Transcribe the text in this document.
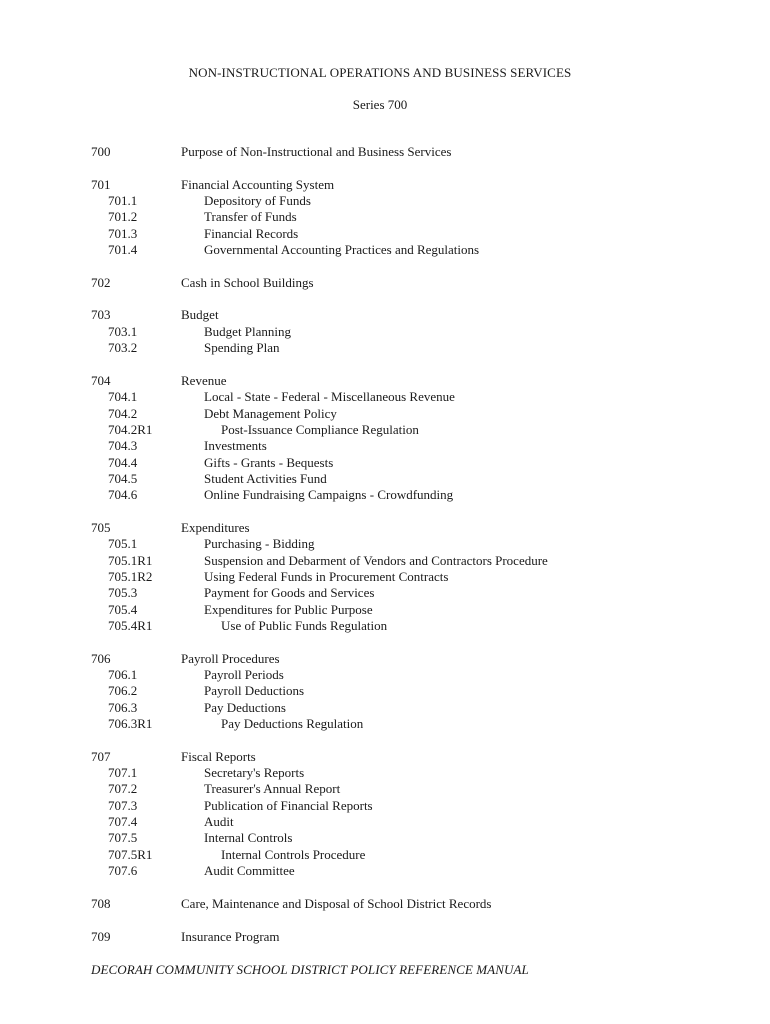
NON-INSTRUCTIONAL OPERATIONS AND BUSINESS SERVICES
Series 700
700	Purpose of Non-Instructional and Business Services
701	Financial Accounting System
701.1	Depository of Funds
701.2	Transfer of Funds
701.3	Financial Records
701.4	Governmental Accounting Practices and Regulations
702	Cash in School Buildings
703	Budget
703.1	Budget Planning
703.2	Spending Plan
704	Revenue
704.1	Local - State - Federal - Miscellaneous Revenue
704.2	Debt Management Policy
704.2R1	Post-Issuance Compliance Regulation
704.3	Investments
704.4	Gifts - Grants - Bequests
704.5	Student Activities Fund
704.6	Online Fundraising Campaigns - Crowdfunding
705	Expenditures
705.1	Purchasing - Bidding
705.1R1	Suspension and Debarment of Vendors and Contractors Procedure
705.1R2	Using Federal Funds in Procurement Contracts
705.3	Payment for Goods and Services
705.4	Expenditures for Public Purpose
705.4R1	Use of Public Funds Regulation
706	Payroll Procedures
706.1	Payroll Periods
706.2	Payroll Deductions
706.3	Pay Deductions
706.3R1	Pay Deductions Regulation
707	Fiscal Reports
707.1	Secretary's Reports
707.2	Treasurer's Annual Report
707.3	Publication of Financial Reports
707.4	Audit
707.5	Internal Controls
707.5R1	Internal Controls Procedure
707.6	Audit Committee
708	Care, Maintenance and Disposal of School District Records
709	Insurance Program
DECORAH COMMUNITY SCHOOL DISTRICT POLICY REFERENCE MANUAL
